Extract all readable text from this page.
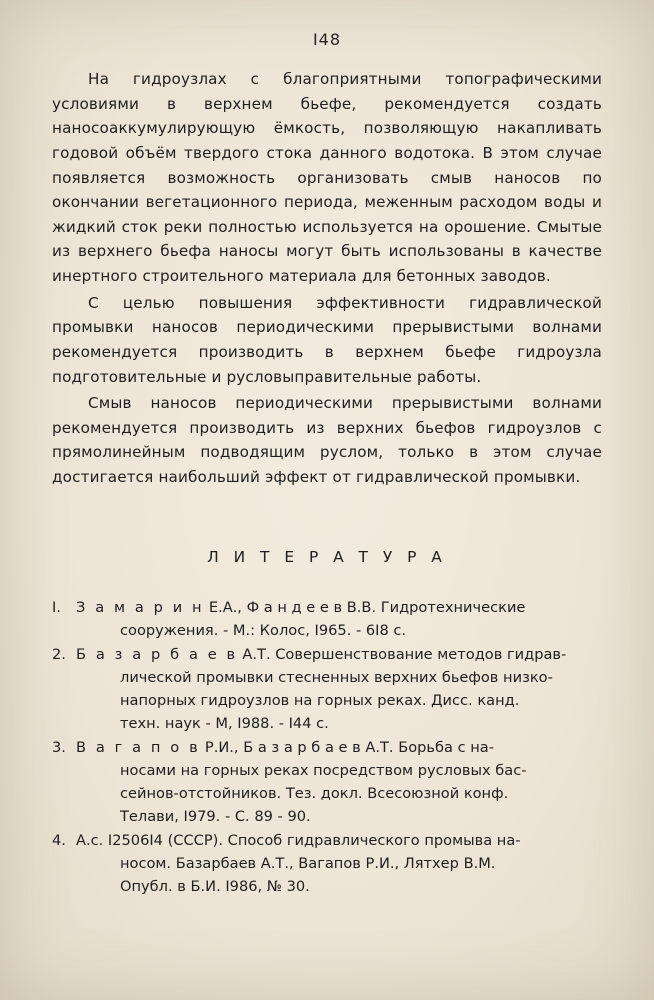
I48

На гидроузлах с благоприятными топографическими условиями в верхнем бьефе, рекомендуется создать наносоаккумулирующую ёмкость, позволяющую накапливать годовой объём твердого стока данного водотока. В этом случае появляется возможность организовать смыв наносов по окончании вегетационного периода, меженным расходом воды и жидкий сток реки полностью используется на орошение. Смытые из верхнего бьефа наносы могут быть использованы в качестве инертного строительного материала для бетонных заводов.

С целью повышения эффективности гидравлической промывки наносов периодическими прерывистыми волнами рекомендуется производить в верхнем бьефе гидроузла подготовительные и русловыправительные работы.

Смыв наносов периодическими прерывистыми волнами рекомендуется производить из верхних бьефов гидроузлов с прямолинейным подводящим руслом, только в этом случае достигается наибольший эффект от гидравлической промывки.

Л И Т Е Р А Т У Р А
I.	З а м а р и н Е.А., Ф а н д е е в В.В. Гидротехнические
сооружения. - М.: Колос, I965. - 6I8 с.
2. Б а з а р б а е в А.Т. Совершенствование методов гидрав-
лической промывки стесненных верхних бьефов низко-
напорных гидроузлов на горных реках. Дисс. канд.
техн. наук - М, I988. - I44 с.
3. В а г а п о в Р.И., Б а з а р б а е в А.Т. Борьба с на-
носами на горных реках посредством русловых бас-
сейнов-отстойников. Тез. докл. Всесоюзной конф.
Телави, I979. - С. 89 - 90.
4. А.с. I2506I4 (СССР). Способ гидравлического промыва на-
носом. Базарбаев А.Т., Вагапов Р.И., Лятхер В.М.
Опубл. в Б.И. I986, № 30.
